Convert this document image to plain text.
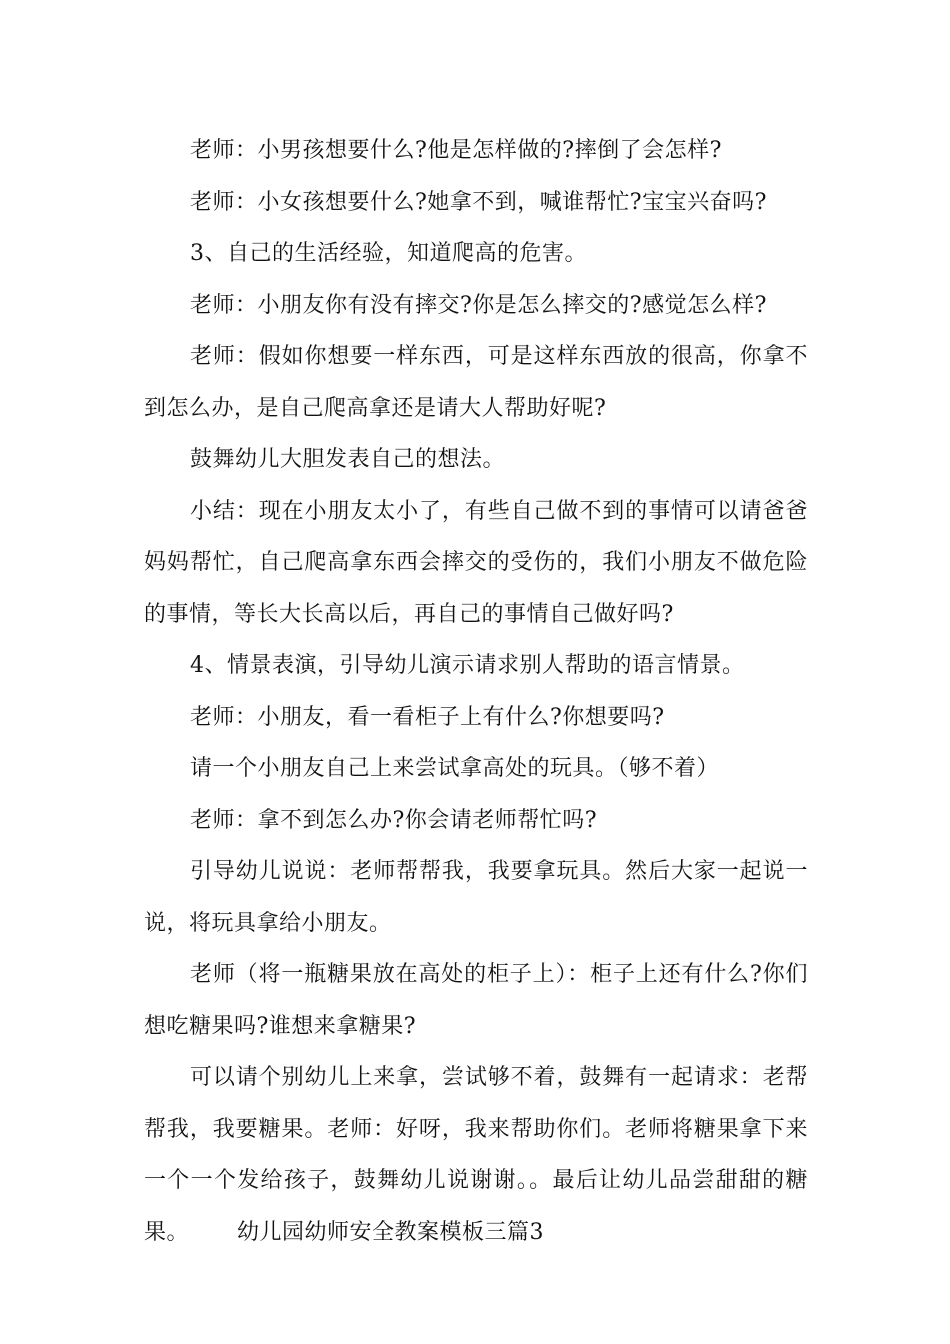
老师：小男孩想要什么?他是怎样做的?摔倒了会怎样?

老师：小女孩想要什么?她拿不到，喊谁帮忙?宝宝兴奋吗?

3、自己的生活经验，知道爬高的危害。

老师：小朋友你有没有摔交?你是怎么摔交的?感觉怎么样?

老师：假如你想要一样东西，可是这样东西放的很高，你拿不到怎么办，是自己爬高拿还是请大人帮助好呢?

鼓舞幼儿大胆发表自己的想法。

小结：现在小朋友太小了，有些自己做不到的事情可以请爸爸妈妈帮忙，自己爬高拿东西会摔交的受伤的，我们小朋友不做危险的事情，等长大长高以后，再自己的事情自己做好吗?

4、情景表演，引导幼儿演示请求别人帮助的语言情景。

老师：小朋友，看一看柜子上有什么?你想要吗?

请一个小朋友自己上来尝试拿高处的玩具。（够不着）

老师：拿不到怎么办?你会请老师帮忙吗?

引导幼儿说说：老师帮帮我，我要拿玩具。然后大家一起说一说，将玩具拿给小朋友。

老师（将一瓶糖果放在高处的柜子上）：柜子上还有什么?你们想吃糖果吗?谁想来拿糖果?

可以请个别幼儿上来拿，尝试够不着，鼓舞有一起请求：老帮帮我，我要糖果。老师：好呀，我来帮助你们。老师将糖果拿下来一个一个发给孩子，鼓舞幼儿说谢谢。。最后让幼儿品尝甜甜的糖果。 幼儿园幼师安全教案模板三篇3
